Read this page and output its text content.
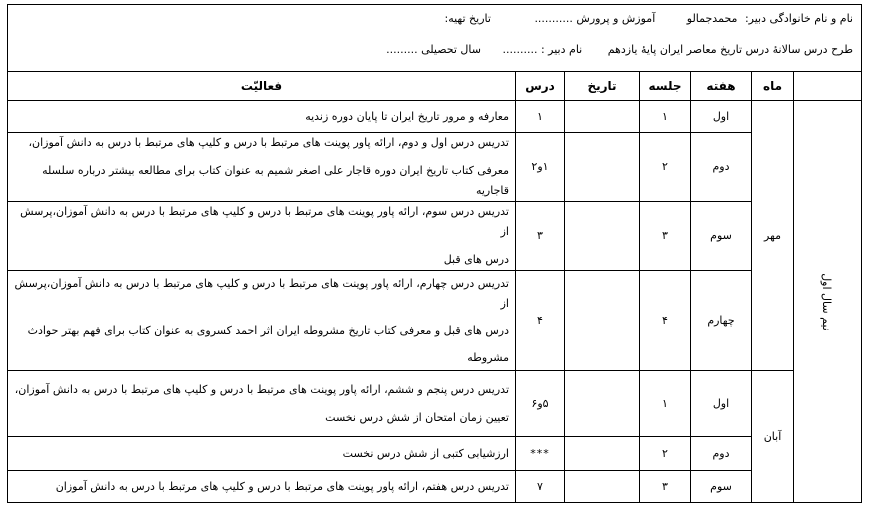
نام و نام خانوادگی دبیر: محمدجمالو آموزش و پرورش ........... تاریخ تهیه:
طرح درس سالانهٔ درس تاریخ معاصر ایران پایهٔ یازدهم نام دبیر : .......... سال تحصیلی .........
	ماه	هفته	جلسه	تاریخ	درس	فعالیّت
نیم سال اول	مهر	اول	۱		۱	معارفه و مرور تاریخ ایران تا پایان دوره زندیه

		دوم	۲		۱و۲	تدریس درس اول و دوم، ارائه پاور پوینت های مرتبط با درس و کلیپ های مرتبط با درس به دانش آموزان،
معرفی کتاب تاریخ ایران دوره قاجار علی اصغر شمیم به عنوان کتاب برای مطالعه بیشتر درباره سلسله قاجاریه

		سوم	۳		۳	تدریس درس سوم، ارائه پاور پوینت های مرتبط با درس و کلیپ های مرتبط با درس به دانش آموزان،پرسش از
درس های قبل

		چهارم	۴		۴	تدریس درس چهارم، ارائه پاور پوینت های مرتبط با درس و کلیپ های مرتبط با درس به دانش آموزان،پرسش از
درس های قبل و معرفی کتاب تاریخ مشروطه ایران اثر احمد کسروی به عنوان کتاب برای فهم بهتر حوادث
مشروطه

	آبان	اول	۱		۵و۶	تدریس درس پنجم و ششم، ارائه پاور پوینت های مرتبط با درس و کلیپ های مرتبط با درس به دانش آموزان،
تعیین زمان امتحان از شش درس نخست

		دوم	۲		***	ارزشیابی کتبی از شش درس نخست

		سوم	۳		۷	تدریس درس هفتم، ارائه پاور پوینت های مرتبط با درس و کلیپ های مرتبط با درس به دانش آموزان
